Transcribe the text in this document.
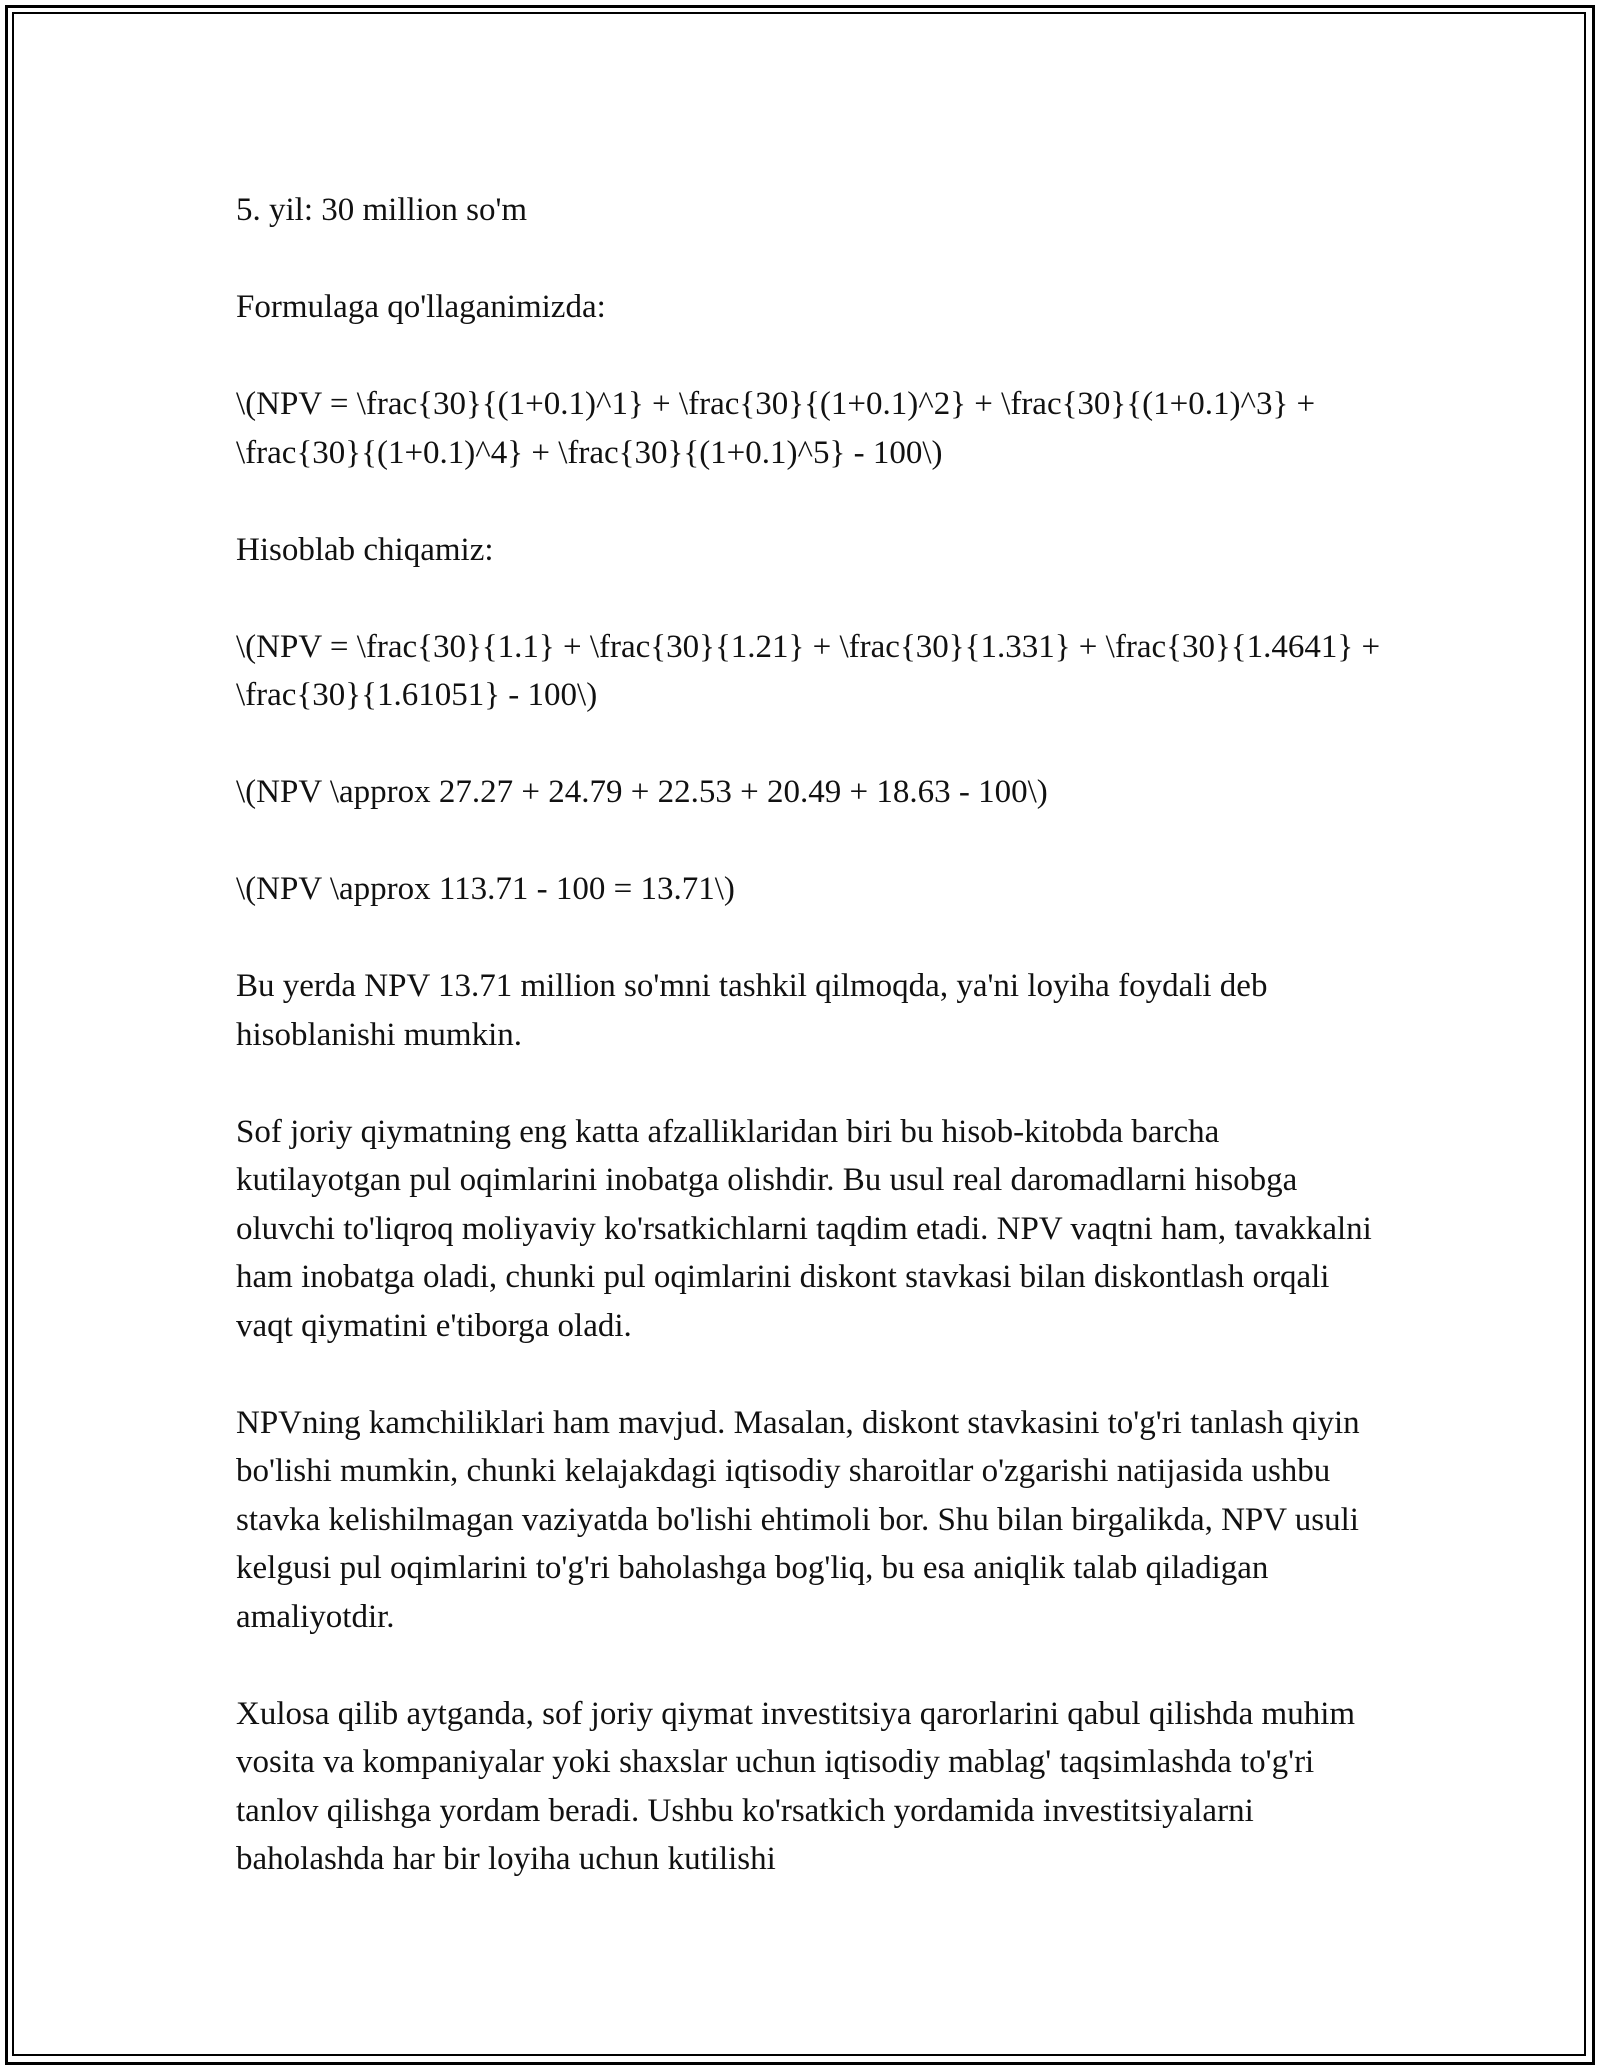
5. yil: 30 million so'm

Formulaga qo'llaganimizda:

\(NPV = \frac{30}{(1+0.1)^1} + \frac{30}{(1+0.1)^2} + \frac{30}{(1+0.1)^3} + \frac{30}{(1+0.1)^4} + \frac{30}{(1+0.1)^5} - 100\)

Hisoblab chiqamiz:

\(NPV = \frac{30}{1.1} + \frac{30}{1.21} + \frac{30}{1.331} + \frac{30}{1.4641} + \frac{30}{1.61051} - 100\)

\(NPV \approx 27.27 + 24.79 + 22.53 + 20.49 + 18.63 - 100\)

\(NPV \approx 113.71 - 100 = 13.71\)

Bu yerda NPV 13.71 million so'mni tashkil qilmoqda, ya'ni loyiha foydali deb hisoblanishi mumkin.

Sof joriy qiymatning eng katta afzalliklaridan biri bu hisob-kitobda barcha kutilayotgan pul oqimlarini inobatga olishdir. Bu usul real daromadlarni hisobga oluvchi to'liqroq moliyaviy ko'rsatkichlarni taqdim etadi. NPV vaqtni ham, tavakkalni ham inobatga oladi, chunki pul oqimlarini diskont stavkasi bilan diskontlash orqali vaqt qiymatini e'tiborga oladi.

NPVning kamchiliklari ham mavjud. Masalan, diskont stavkasini to'g'ri tanlash qiyin bo'lishi mumkin, chunki kelajakdagi iqtisodiy sharoitlar o'zgarishi natijasida ushbu stavka kelishilmagan vaziyatda bo'lishi ehtimoli bor. Shu bilan birgalikda, NPV usuli kelgusi pul oqimlarini to'g'ri baholashga bog'liq, bu esa aniqlik talab qiladigan amaliyotdir.

Xulosa qilib aytganda, sof joriy qiymat investitsiya qarorlarini qabul qilishda muhim vosita va kompaniyalar yoki shaxslar uchun iqtisodiy mablag' taqsimlashda to'g'ri tanlov qilishga yordam beradi. Ushbu ko'rsatkich yordamida investitsiyalarni baholashda har bir loyiha uchun kutilishi
